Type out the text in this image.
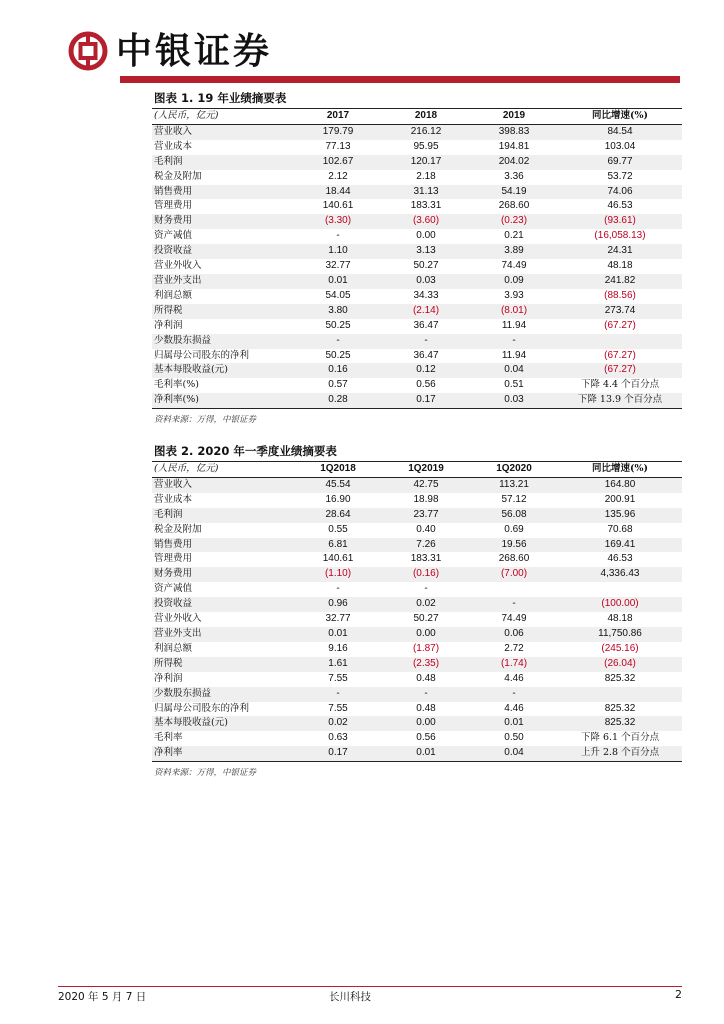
中银证券
图表 1. 19 年业绩摘要表
(人民币，亿元)	2017	2018	2019	同比增速(%)
营业收入	179.79	216.12	398.83	84.54
营业成本	77.13	95.95	194.81	103.04
毛利润	102.67	120.17	204.02	69.77
税金及附加	2.12	2.18	3.36	53.72
销售费用	18.44	31.13	54.19	74.06
管理费用	140.61	183.31	268.60	46.53
财务费用	(3.30)	(3.60)	(0.23)	(93.61)
资产减值	-	0.00	0.21	(16,058.13)
投资收益	1.10	3.13	3.89	24.31
营业外收入	32.77	50.27	74.49	48.18
营业外支出	0.01	0.03	0.09	241.82
利润总额	54.05	34.33	3.93	(88.56)
所得税	3.80	(2.14)	(8.01)	273.74
净利润	50.25	36.47	11.94	(67.27)
少数股东损益	-	-	-	
归属母公司股东的净利	50.25	36.47	11.94	(67.27)
基本每股收益(元)	0.16	0.12	0.04	(67.27)
毛利率(%)	0.57	0.56	0.51	下降 4.4 个百分点
净利率(%)	0.28	0.17	0.03	下降 13.9 个百分点
资料来源：万得，中银证券
图表 2. 2020 年一季度业绩摘要表
(人民币，亿元)	1Q2018	1Q2019	1Q2020	同比增速(%)
营业收入	45.54	42.75	113.21	164.80
营业成本	16.90	18.98	57.12	200.91
毛利润	28.64	23.77	56.08	135.96
税金及附加	0.55	0.40	0.69	70.68
销售费用	6.81	7.26	19.56	169.41
管理费用	140.61	183.31	268.60	46.53
财务费用	(1.10)	(0.16)	(7.00)	4,336.43
资产减值	-	-		
投资收益	0.96	0.02	-	(100.00)
营业外收入	32.77	50.27	74.49	48.18
营业外支出	0.01	0.00	0.06	11,750.86
利润总额	9.16	(1.87)	2.72	(245.16)
所得税	1.61	(2.35)	(1.74)	(26.04)
净利润	7.55	0.48	4.46	825.32
少数股东损益	-	-	-	
归属母公司股东的净利	7.55	0.48	4.46	825.32
基本每股收益(元)	0.02	0.00	0.01	825.32
毛利率	0.63	0.56	0.50	下降 6.1 个百分点
净利率	0.17	0.01	0.04	上升 2.8 个百分点
资料来源：万得，中银证券
2020 年 5 月 7 日	长川科技	2
